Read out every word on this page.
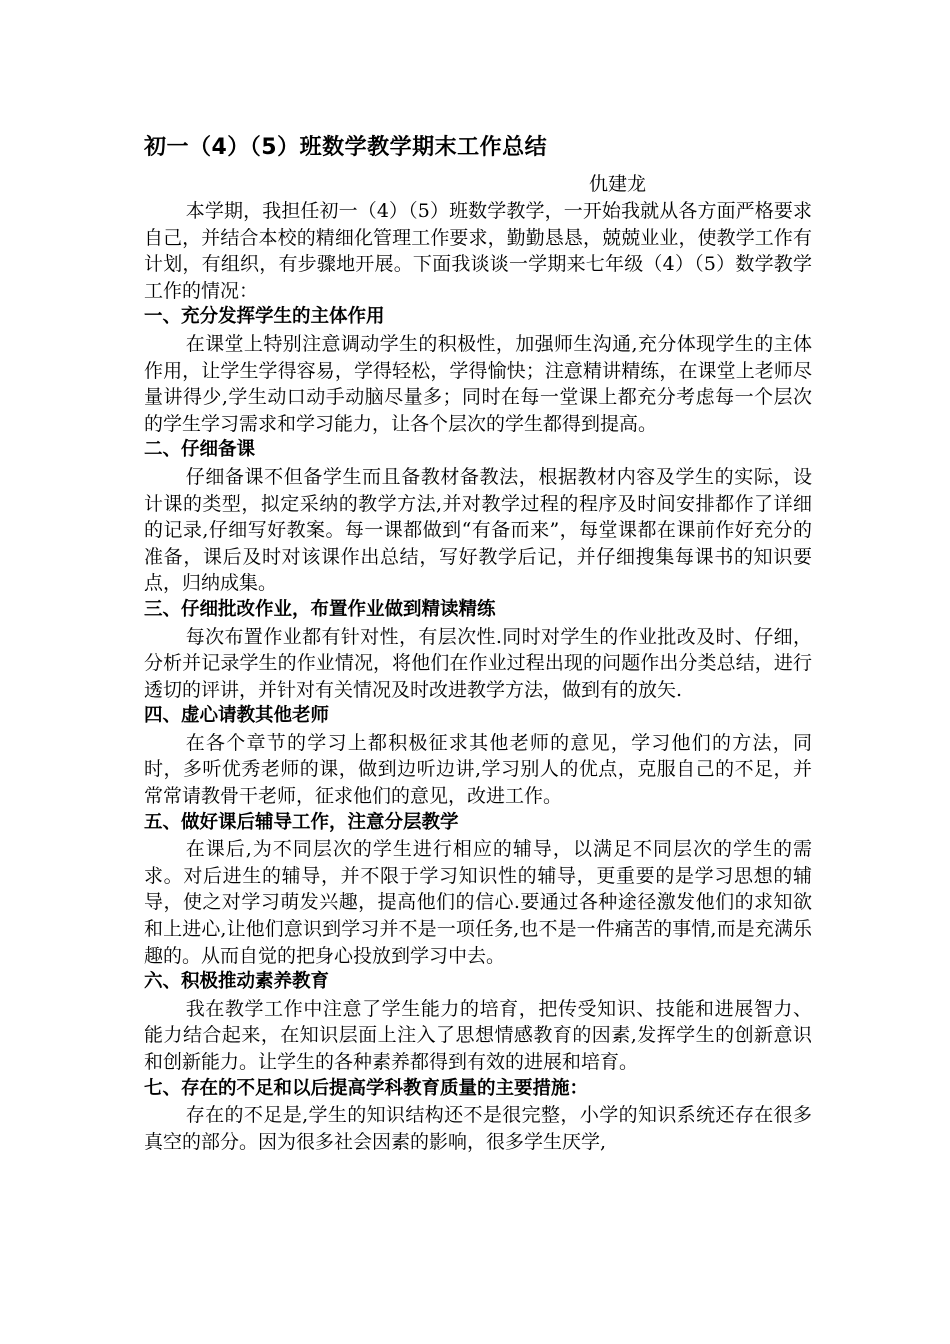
初一（4）（5）班数学教学期末工作总结

仇建龙

本学期，我担任初一（4）（5）班数学教学，一开始我就从各方面严格要求自己，并结合本校的精细化管理工作要求，勤勤恳恳，兢兢业业，使教学工作有计划，有组织，有步骤地开展。下面我谈谈一学期来七年级（4）（5）数学教学工作的情况：

一、充分发挥学生的主体作用

在课堂上特别注意调动学生的积极性，加强师生沟通,充分体现学生的主体作用，让学生学得容易，学得轻松，学得愉快；注意精讲精练，在课堂上老师尽量讲得少,学生动口动手动脑尽量多；同时在每一堂课上都充分考虑每一个层次的学生学习需求和学习能力，让各个层次的学生都得到提高。

二、仔细备课

仔细备课不但备学生而且备教材备教法，根据教材内容及学生的实际，设计课的类型，拟定采纳的教学方法,并对教学过程的程序及时间安排都作了详细的记录,仔细写好教案。每一课都做到“有备而来”，每堂课都在课前作好充分的准备，课后及时对该课作出总结，写好教学后记，并仔细搜集每课书的知识要点，归纳成集。

三、仔细批改作业，布置作业做到精读精练

每次布置作业都有针对性，有层次性.同时对学生的作业批改及时、仔细，分析并记录学生的作业情况，将他们在作业过程出现的问题作出分类总结，进行透切的评讲，并针对有关情况及时改进教学方法，做到有的放矢.

四、虚心请教其他老师

在各个章节的学习上都积极征求其他老师的意见，学习他们的方法，同时，多听优秀老师的课，做到边听边讲,学习别人的优点，克服自己的不足，并常常请教骨干老师，征求他们的意见，改进工作。

五、做好课后辅导工作，注意分层教学

在课后,为不同层次的学生进行相应的辅导，以满足不同层次的学生的需求。对后进生的辅导，并不限于学习知识性的辅导，更重要的是学习思想的辅导，使之对学习萌发兴趣，提高他们的信心.要通过各种途径激发他们的求知欲和上进心,让他们意识到学习并不是一项任务,也不是一件痛苦的事情,而是充满乐趣的。从而自觉的把身心投放到学习中去。

六、积极推动素养教育

我在教学工作中注意了学生能力的培育，把传受知识、技能和进展智力、能力结合起来，在知识层面上注入了思想情感教育的因素,发挥学生的创新意识和创新能力。让学生的各种素养都得到有效的进展和培育。

七、存在的不足和以后提高学科教育质量的主要措施：

存在的不足是,学生的知识结构还不是很完整，小学的知识系统还存在很多真空的部分。因为很多社会因素的影响，很多学生厌学,
